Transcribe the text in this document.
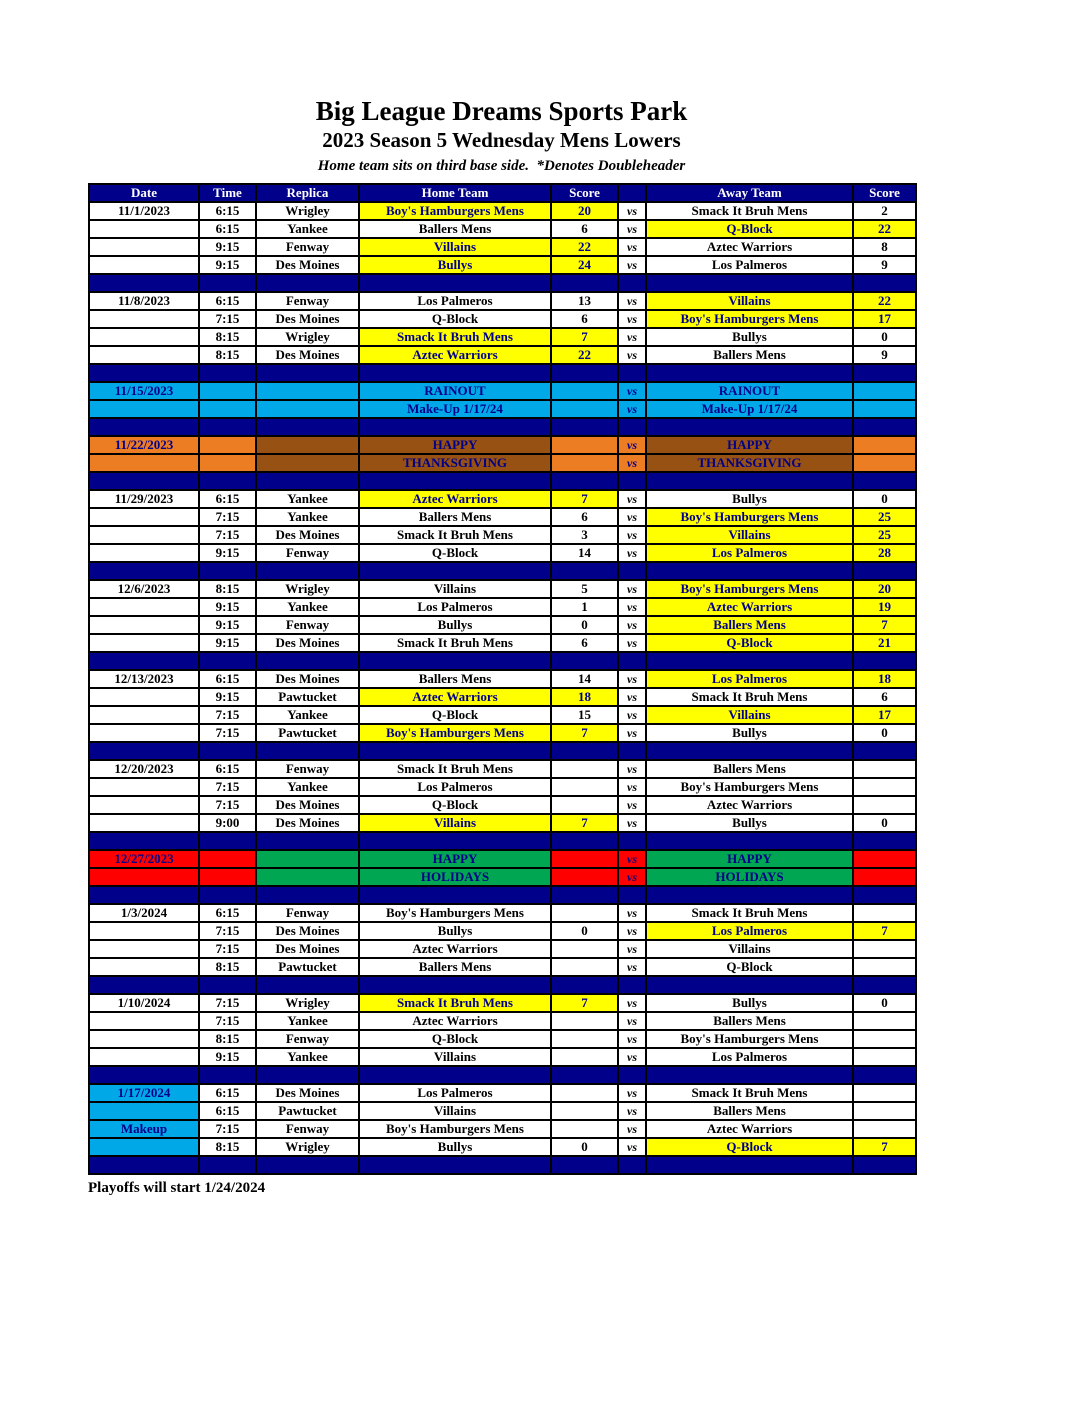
Big League Dreams Sports Park
2023 Season 5 Wednesday Mens Lowers
Home team sits on third base side.  *Denotes Doubleheader
Date	Time	Replica	Home Team	Score		Away Team	Score
11/1/2023	6:15	Wrigley	Boy's Hamburgers Mens	20	vs	Smack It Bruh Mens	2
	6:15	Yankee	Ballers Mens	6	vs	Q-Block	22
	9:15	Fenway	Villains	22	vs	Aztec Warriors	8
	9:15	Des Moines	Bullys	24	vs	Los Palmeros	9

11/8/2023	6:15	Fenway	Los Palmeros	13	vs	Villains	22
	7:15	Des Moines	Q-Block	6	vs	Boy's Hamburgers Mens	17
	8:15	Wrigley	Smack It Bruh Mens	7	vs	Bullys	0
	8:15	Des Moines	Aztec Warriors	22	vs	Ballers Mens	9

11/15/2023			RAINOUT		vs	RAINOUT	
			Make-Up 1/17/24		vs	Make-Up 1/17/24	

11/22/2023			HAPPY		vs	HAPPY	
			THANKSGIVING		vs	THANKSGIVING	

11/29/2023	6:15	Yankee	Aztec Warriors	7	vs	Bullys	0
	7:15	Yankee	Ballers Mens	6	vs	Boy's Hamburgers Mens	25
	7:15	Des Moines	Smack It Bruh Mens	3	vs	Villains	25
	9:15	Fenway	Q-Block	14	vs	Los Palmeros	28

12/6/2023	8:15	Wrigley	Villains	5	vs	Boy's Hamburgers Mens	20
	9:15	Yankee	Los Palmeros	1	vs	Aztec Warriors	19
	9:15	Fenway	Bullys	0	vs	Ballers Mens	7
	9:15	Des Moines	Smack It Bruh Mens	6	vs	Q-Block	21

12/13/2023	6:15	Des Moines	Ballers Mens	14	vs	Los Palmeros	18
	9:15	Pawtucket	Aztec Warriors	18	vs	Smack It Bruh Mens	6
	7:15	Yankee	Q-Block	15	vs	Villains	17
	7:15	Pawtucket	Boy's Hamburgers Mens	7	vs	Bullys	0

12/20/2023	6:15	Fenway	Smack It Bruh Mens		vs	Ballers Mens	
	7:15	Yankee	Los Palmeros		vs	Boy's Hamburgers Mens	
	7:15	Des Moines	Q-Block		vs	Aztec Warriors	
	9:00	Des Moines	Villains	7	vs	Bullys	0

12/27/2023			HAPPY		vs	HAPPY	
			HOLIDAYS		vs	HOLIDAYS	

1/3/2024	6:15	Fenway	Boy's Hamburgers Mens		vs	Smack It Bruh Mens	
	7:15	Des Moines	Bullys	0	vs	Los Palmeros	7
	7:15	Des Moines	Aztec Warriors		vs	Villains	
	8:15	Pawtucket	Ballers Mens		vs	Q-Block	

1/10/2024	7:15	Wrigley	Smack It Bruh Mens	7	vs	Bullys	0
	7:15	Yankee	Aztec Warriors		vs	Ballers Mens	
	8:15	Fenway	Q-Block		vs	Boy's Hamburgers Mens	
	9:15	Yankee	Villains		vs	Los Palmeros	

1/17/2024	6:15	Des Moines	Los Palmeros		vs	Smack It Bruh Mens	
	6:15	Pawtucket	Villains		vs	Ballers Mens	
Makeup	7:15	Fenway	Boy's Hamburgers Mens		vs	Aztec Warriors	
	8:15	Wrigley	Bullys	0	vs	Q-Block	7

Playoffs will start 1/24/2024
